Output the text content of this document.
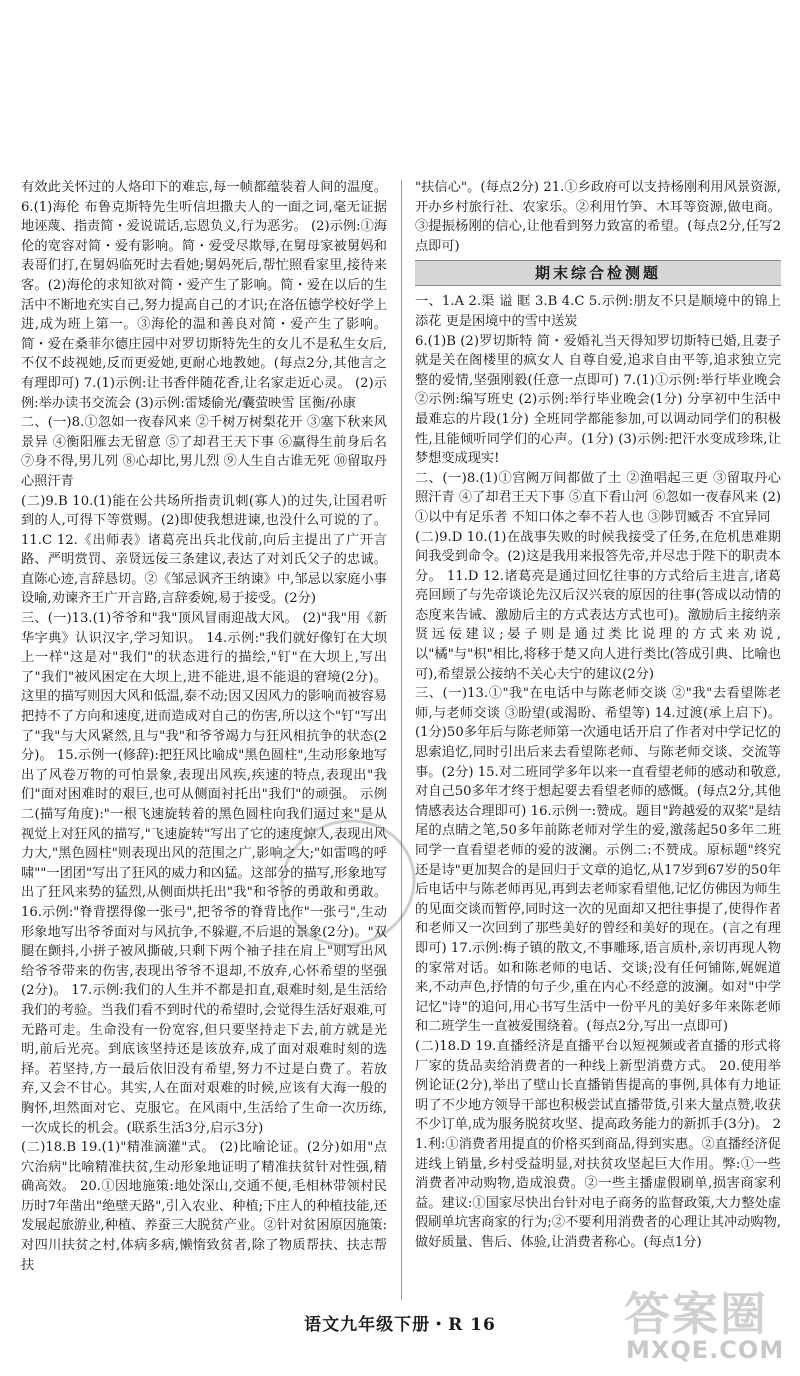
有效此关怀过的人烙印下的难忘,每一帧都蕴装着人间的温度。 6.(1)海伦 布鲁克斯特先生听信坦撒夫人的一面之词,毫无证据地诬蔑、指责简・爱说谎话,忘恩负义,行为恶劣。 (2)示例:①海伦的宽容对简・爱有影响。简・爱受尽欺辱,在舅母家被舅妈和表哥们打,在舅妈临死时去看她;舅妈死后,帮忙照看家里,接待来客。(2)海伦的求知欲对简・爱产生了影响。简・爱在以后的生活中不断地充实自己,努力提高自己的才识;在洛伍德学校好学上进,成为班上第一。③海伦的温和善良对简・爱产生了影响。简・爱在桑菲尔德庄园中对罗切斯特先生的女儿不是私生女后,不仅不歧视她,反而更爱她,更耐心地教她。(每点2分,其他言之有理即可) 7.(1)示例:让书香伴随花香,让名家走近心灵。 (2)示例:举办读书交流会 (3)示例:雷矮偷光/囊萤映雪 匡衡/孙康

二、(一)8.①忽如一夜春风来 ②千树万树梨花开 ③塞下秋来风景异 ④衡阳雁去无留意 ⑤了却君王天下事 ⑥赢得生前身后名 ⑦身不得,男儿列 ⑧心却比,男儿烈 ⑨人生自古谁无死 ⑩留取丹心照汗青

(二)9.B 10.(1)能在公共场所指责讥刺(寡人)的过失,让国君听到的人,可得下等赏赐。(2)即使我想进谏,也没什么可说的了。 11.C 12.《出师表》诸葛亮出兵北伐前,向后主提出了广开言路、严明赏罚、亲贤远佞三条建议,表达了对刘氏父子的忠诚。直陈心迹,言辞恳切。②《邹忌讽齐王纳谏》中,邹忌以家庭小事设喻,劝谏齐王广开言路,言辞委婉,易于接受。(2分)

三、(一)13.(1)爷爷和"我"顶风冒雨迎战大风。 (2)"我"用《新华字典》认识汉字,学习知识。 14.示例:"我们就好像钉在大坝上一样"这是对"我们"的状态进行的描绘,"钉"在大坝上,写出了"我们"被风困定在大坝上,进不能进,退不能退的窘境(2分)。这里的描写则因大风和低温,泰不动;因又因风力的影响而被容易把持不了方向和速度,迸而造成对自己的伤害,所以这个"钉"写出了"我"与大风紧然,且与"我"和爷爷竭力与狂风相抗争的状态(2分)。 15.示例一(修辞):把狂风比喻成"黑色圆柱",生动形象地写出了风卷万物的可怕景象,表现出风疾,疾速的特点,表现出"我们"面对困难时的艰巨,也可从侧面衬托出"我们"的顽强。 示例二(描写角度):"一根飞速旋转着的黑色圆柱向我们逼过来"是从视觉上对狂风的描写,"飞速旋转"写出了它的速度惊人,表现出风力大,"黑色圆柱"则表现出风的范围之广,影响之大;"如雷鸣的呼啸""一团团"写出了狂风的威力和凶猛。这部分的描写,形象地写出了狂风来势的猛烈,从侧面烘托出"我"和爷爷的勇敢和勇敢。 16.示例:"脊背摆得像一张弓",把爷爷的脊背比作"一张弓",生动形象地写出爷爷面对与风抗争,不躲避,不后退的景象(2分)。"双腿在颤抖,小拼子被风撕破,只剩下两个袖子挂在肩上"则写出风给爷爷带来的伤害,表现出爷爷不退却,不放弃,心怀希望的坚强(2分)。 17.示例:我们的人生并不都是扣直,艰难时刻,是生活给我们的考验。当我们看不到时代的希望时,会觉得生活好艰难,可无路可走。生命没有一份宽容,但只要坚持走下去,前方就是光明,前后光亮。到底该坚持还是该放弃,成了面对艰难时刻的选择。若坚持,方一最后依旧没有希望,努力不过是白费了。若放弃,又会不甘心。其实,人在面对艰难的时候,应该有大海一般的胸怀,坦然面对它、克服它。在风雨中,生活给了生命一次历练,一次成长的机会。(联系生活3分,启示3分)

(二)18.B 19.(1)"精准滴灌"式。 (2)比喻论证。(2分)如用"点穴治病"比喻精准扶贫,生动形象地证明了精准扶贫针对性强,精确高效。 20.①因地施策:地处深山,交通不便,毛相林带领村民历时7年凿出"绝壁天路",引入农业、种植;下庄人的种植技能,还发展起旅游业,种植、养蚕三大脱贫产业。②针对贫困原因施策:对四川扶贫之村,体病多病,懒惰致贫者,除了物质帮扶、扶志帮扶

"扶信心"。(每点2分) 21.①乡政府可以支持杨刚利用风景资源,开办乡村旅行社、农家乐。②利用竹笋、木耳等资源,做电商。③提振杨刚的信心,让他看到努力致富的希望。(每点2分,任写2点即可)

期末综合检测题

一、1.A 2.渠 谥 眶 3.B 4.C 5.示例:朋友不只是顺境中的锦上添花 更是困境中的雪中送炭

6.(1)B (2)罗切斯特 简・爱婚礼当天得知罗切斯特已婚,且妻子就是关在阁楼里的疯女人 自尊自爱,追求自由平等,追求独立完整的爱情,坚强刚毅(任意一点即可) 7.(1)①示例:举行毕业晚会 ②示例:编写班史 (2)示例:举行毕业晚会(1分) 分享初中生活中最难忘的片段(1分) 全班同学都能参加,可以调动同学们的积极性,且能倾听同学们的心声。(1分) (3)示例:把汗水变成珍珠,让梦想变成现实!

二、(一)8.(1)①宫阙万间都做了土 ②渔唱起三更 ③留取丹心照汗青 ④了却君王天下事 ⑤直下看山河 ⑥忽如一夜春风来 (2)①以中有足乐者 不知口体之奉不若人也 ③陟罚臧否 不宜异同

(二)9.D 10.(1)在战事失败的时候我接受了任务,在危机患难期间我受到命令。(2)这是我用来报答先帝,并尽忠于陛下的职责本分。 11.D 12.诸葛亮是通过回忆往事的方式给后主进言,诸葛亮回顾了与先帝谈论先汉后汉兴衰的原因的往事(答成以动情的态度来告诫、激励后主的方式表达方式也可)。激励后主接纳亲贤远佞建议;晏子则是通过类比说理的方式来劝说,以"橘"与"枳"相比,将移于楚又向人进行类比(答成引典、比喻也可),希望景公接纳不关心夫宁的建议(2分)

三、(一)13.①"我"在电话中与陈老师交谈 ②"我"去看望陈老师,与老师交谈 ③盼望(或渴盼、希望等) 14.过渡(承上启下)。(1分)50多年后与陈老师第一次通电话开启了作者对中学记忆的思索追忆,同时引出后来去看望陈老师、与陈老师交谈、交流等事。(2分) 15.对二班同学多年以来一直看望老师的感动和敬意,对自己50多年才终于想起要去看望老师的感慨。(每点2分,其他情感表达合理即可) 16.示例一:赞成。题目"跨越爱的双桨"是结尾的点睛之笔,50多年前陈老师对学生的爱,激荡起50多年二班同学一直看望老师的爱的波澜。示例二:不赞成。原标题"终究还是诗"更加契合的是回归于文章的追忆,从17岁到67岁的50年后电话中与陈老师再见,再到去老师家看望他,记忆仿佛因为师生的见面交谈而暂停,同时这一次的见面却又把往事提了,使得作者和老师又一次回到了那些美好的曾经和美好的现在。(言之有理即可) 17.示例:梅子镇的散文,不事雕琢,语言质朴,亲切再现人物的家常对话。如和陈老师的电话、交谈;没有任何铺陈,娓娓道来,不动声色,抒情的句子少,重在内心不经意的波澜。如对"中学记忆"诗"的追问,用心书写生活中一份平凡的美好多年来陈老师和二班学生一直被爱围绕着。(每点2分,写出一点即可)

(二)18.D 19.直播经济是直播平台以短视频或者直播的形式将厂家的货品卖给消费者的一种线上新型消费方式。 20.使用举例论证(2分),举出了壁山长直播销售提高的事例,具体有力地证明了不少地方领导干部也积极尝试直播带货,引来大量点赞,收获不少订单,成为服务脱贫攻坚、提高政务能力的新抓手(3分)。 21.利:①消费者用提直的价格买到商品,得到实惠。②直播经济促进线上销量,乡村受益明显,对扶贫攻坚起巨大作用。弊:①一些消费者冲动购物,造成浪费。②一些主播虚假刷单,损害商家利益。建议:①国家尽快出台针对电子商务的监督政策,大力整处虚假刷单坑害商家的行为;②不要利用消费者的心理让其冲动购物,做好质量、售后、体验,让消费者称心。(每点1分)

语文九年级下册・R 16	答案圈
MXQE.COM
